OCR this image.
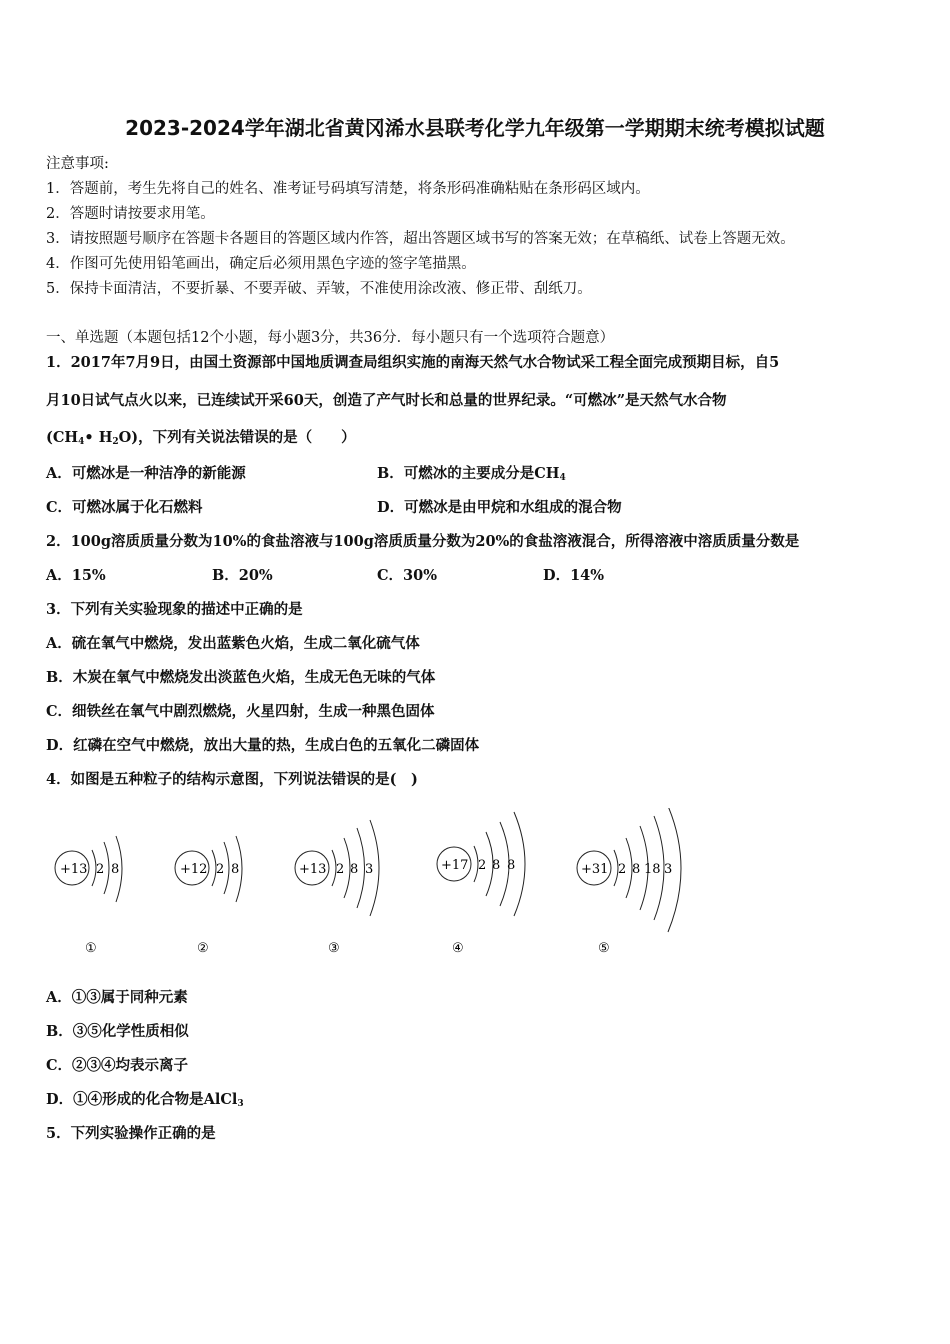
2023-2024学年湖北省黄冈浠水县联考化学九年级第一学期期末统考模拟试题
注意事项:
1．答题前，考生先将自己的姓名、准考证号码填写清楚，将条形码准确粘贴在条形码区域内。
2．答题时请按要求用笔。
3．请按照题号顺序在答题卡各题目的答题区域内作答，超出答题区域书写的答案无效；在草稿纸、试卷上答题无效。
4．作图可先使用铅笔画出，确定后必须用黑色字迹的签字笔描黑。
5．保持卡面清洁，不要折暴、不要弄破、弄皱，不准使用涂改液、修正带、刮纸刀。
一、单选题（本题包括12个小题，每小题3分，共36分．每小题只有一个选项符合题意）
1．2017年7月9日，由国土资源部中国地质调查局组织实施的南海天然气水合物试采工程全面完成预期目标，自5
月10日试气点火以来，已连续试开采60天，创造了产气时长和总量的世界纪录。“可燃冰”是天然气水合物
($CH_4•$ $H_2O$)，下列有关说法错误的是（　　）
A．可燃冰是一种洁净的新能源	B．可燃冰的主要成分是$CH_4$
C．可燃冰属于化石燃料	D．可燃冰是由甲烷和水组成的混合物
2．100g溶质质量分数为10%的食盐溶液与100g溶质质量分数为20%的食盐溶液混合，所得溶液中溶质质量分数是
A．15%	B．20%	C．30%	D．14%
3．下列有关实验现象的描述中正确的是
A．硫在氧气中燃烧，发出蓝紫色火焰，生成二氧化硫气体
B．木炭在氧气中燃烧发出淡蓝色火焰，生成无色无味的气体
C．细铁丝在氧气中剧烈燃烧，火星四射，生成一种黑色固体
D．红磷在空气中燃烧，放出大量的热，生成白色的五氧化二磷固体
4．如图是五种粒子的结构示意图，下列说法错误的是(　)
+13 2 8
①
+12 2 8
②
+13 2 8 3
③
+17 2 8 8
④
+31 2 8 18 3
⑤
A．①③属于同种元素
B．③⑤化学性质相似
C．②③④均表示离子
D．①④形成的化合物是AlCl$_3$
5．下列实验操作正确的是
